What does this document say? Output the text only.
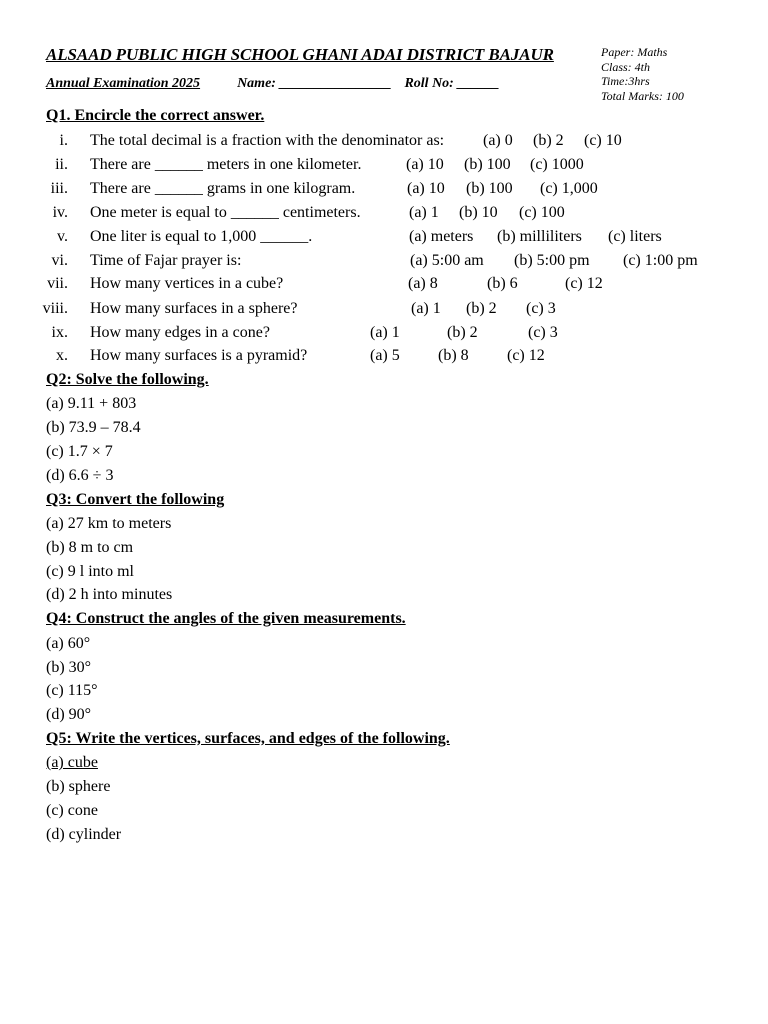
ALSAAD PUBLIC HIGH SCHOOL GHANI ADAI DISTRICT BAJAUR
Annual Examination 2025	Name: ________________ Roll No: ______
Paper: Maths
Class: 4th
Time:3hrs
Total Marks: 100
Q1. Encircle the correct answer.
i. The total decimal is a fraction with the denominator as: (a) 0 (b) 2 (c) 10
ii. There are ______ meters in one kilometer.	(a) 10 (b) 100 (c) 1000
iii. There are ______ grams in one kilogram.	(a) 10 (b) 100 (c) 1,000
iv. One meter is equal to ______ centimeters.	(a) 1 (b) 10 (c) 100
v. One liter is equal to 1,000 ______.	(a) meters (b) milliliters (c) liters
vi. Time of Fajar prayer is:	(a) 5:00 am (b) 5:00 pm (c) 1:00 pm
vii. How many vertices in a cube?	(a) 8	(b) 6	(c) 12
viii. How many surfaces in a sphere?	(a) 1 (b) 2 (c) 3
ix. How many edges in a cone?	(a) 1	(b) 2	(c) 3
x. How many surfaces is a pyramid?	(a) 5 (b) 8 (c) 12
Q2: Solve the following.
(a) 9.11 + 803
(b) 73.9 – 78.4
(c) 1.7 × 7
(d) 6.6 ÷ 3
Q3: Convert the following
(a) 27 km to meters
(b) 8 m to cm
(c) 9 l into ml
(d) 2 h into minutes
Q4: Construct the angles of the given measurements.
(a) 60°
(b) 30°
(c) 115°
(d) 90°
Q5: Write the vertices, surfaces, and edges of the following.
(a) cube
(b) sphere
(c) cone
(d) cylinder
